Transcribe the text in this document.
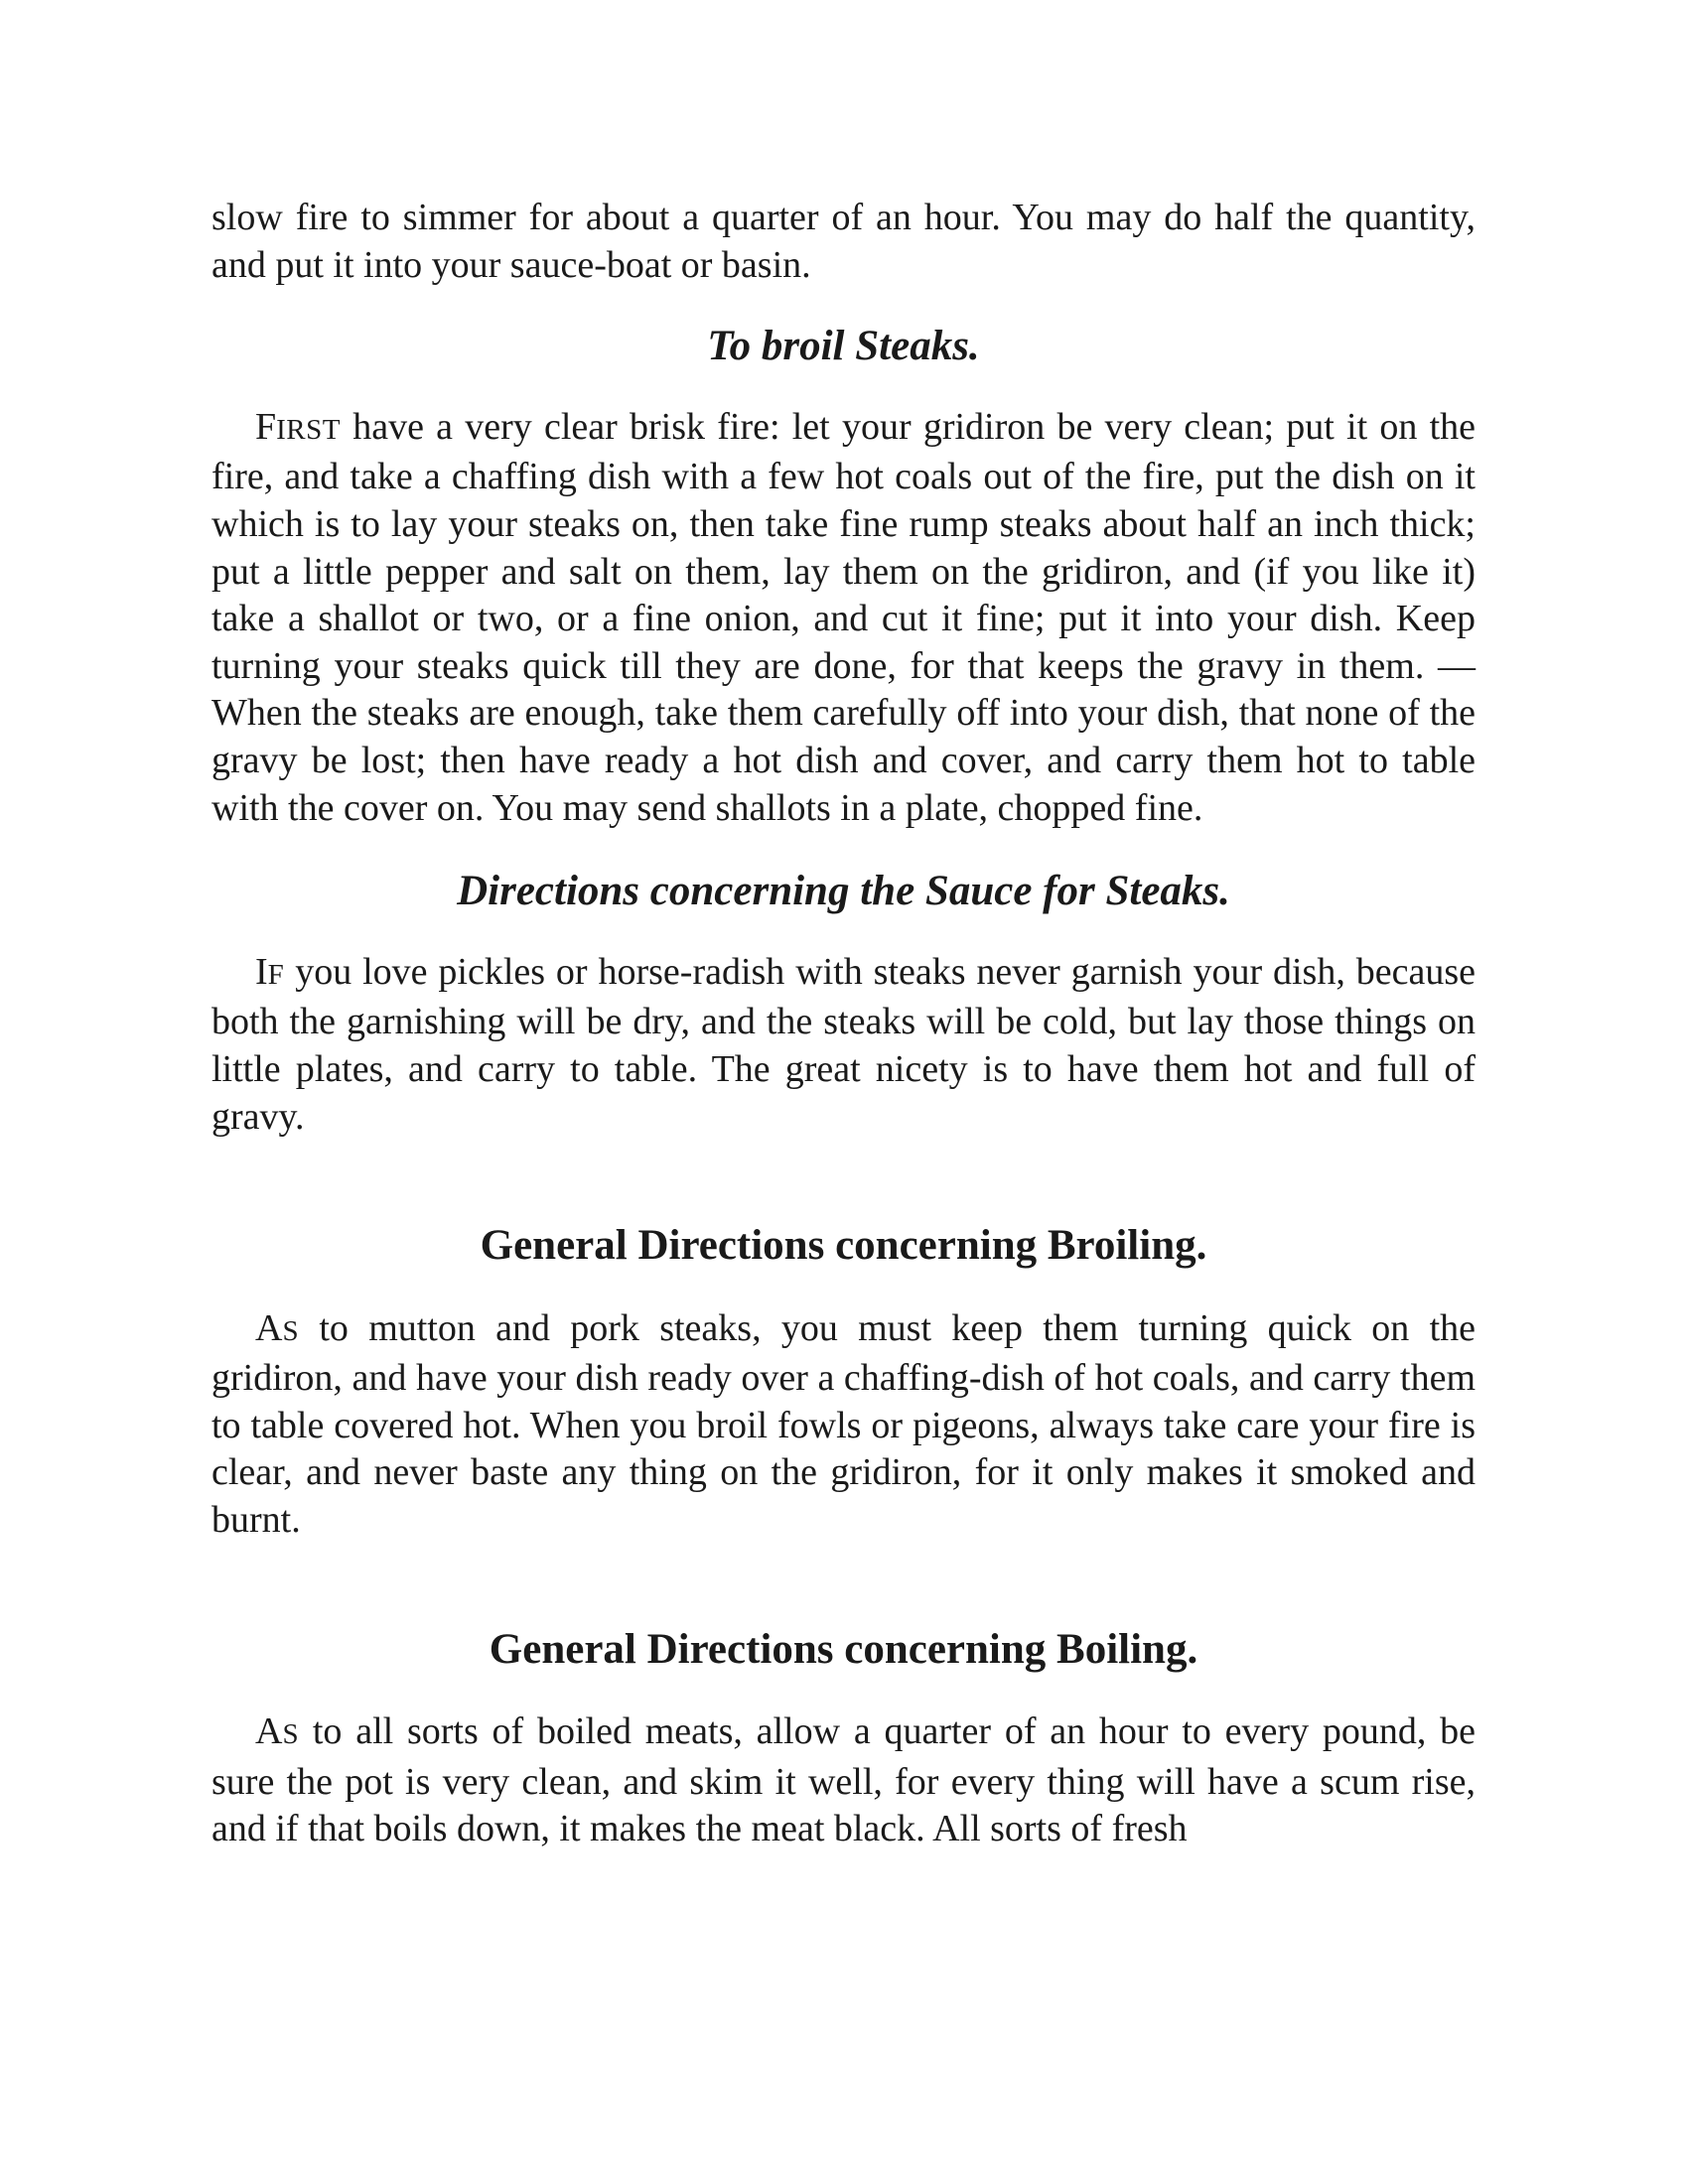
slow fire to simmer for about a quarter of an hour. You may do half the quantity, and put it into your sauce-boat or basin.

To broil Steaks.

FIRST have a very clear brisk fire: let your gridiron be very clean; put it on the fire, and take a chaffing dish with a few hot coals out of the fire, put the dish on it which is to lay your steaks on, then take fine rump steaks about half an inch thick; put a little pepper and salt on them, lay them on the gridiron, and (if you like it) take a shallot or two, or a fine onion, and cut it fine; put it into your dish. Keep turning your steaks quick till they are done, for that keeps the gravy in them. —When the steaks are enough, take them carefully off into your dish, that none of the gravy be lost; then have ready a hot dish and cover, and carry them hot to table with the cover on. You may send shallots in a plate, chopped fine.

Directions concerning the Sauce for Steaks.

IF you love pickles or horse-radish with steaks never garnish your dish, because both the garnishing will be dry, and the steaks will be cold, but lay those things on little plates, and carry to table. The great nicety is to have them hot and full of gravy.

General Directions concerning Broiling.

AS to mutton and pork steaks, you must keep them turning quick on the gridiron, and have your dish ready over a chaffing-dish of hot coals, and carry them to table covered hot. When you broil fowls or pigeons, always take care your fire is clear, and never baste any thing on the gridiron, for it only makes it smoked and burnt.

General Directions concerning Boiling.

AS to all sorts of boiled meats, allow a quarter of an hour to every pound, be sure the pot is very clean, and skim it well, for every thing will have a scum rise, and if that boils down, it makes the meat black. All sorts of fresh
